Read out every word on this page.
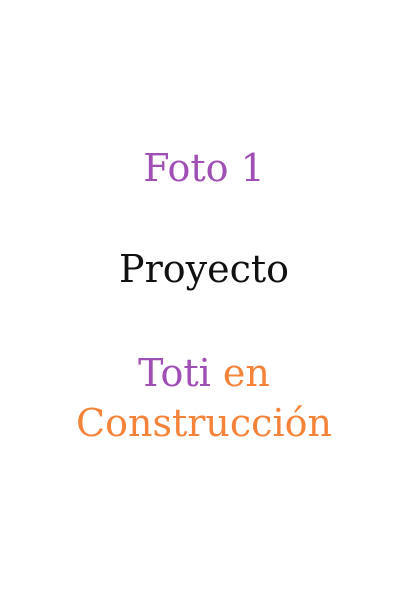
Foto 1
Proyecto
Toti en
Construcción
